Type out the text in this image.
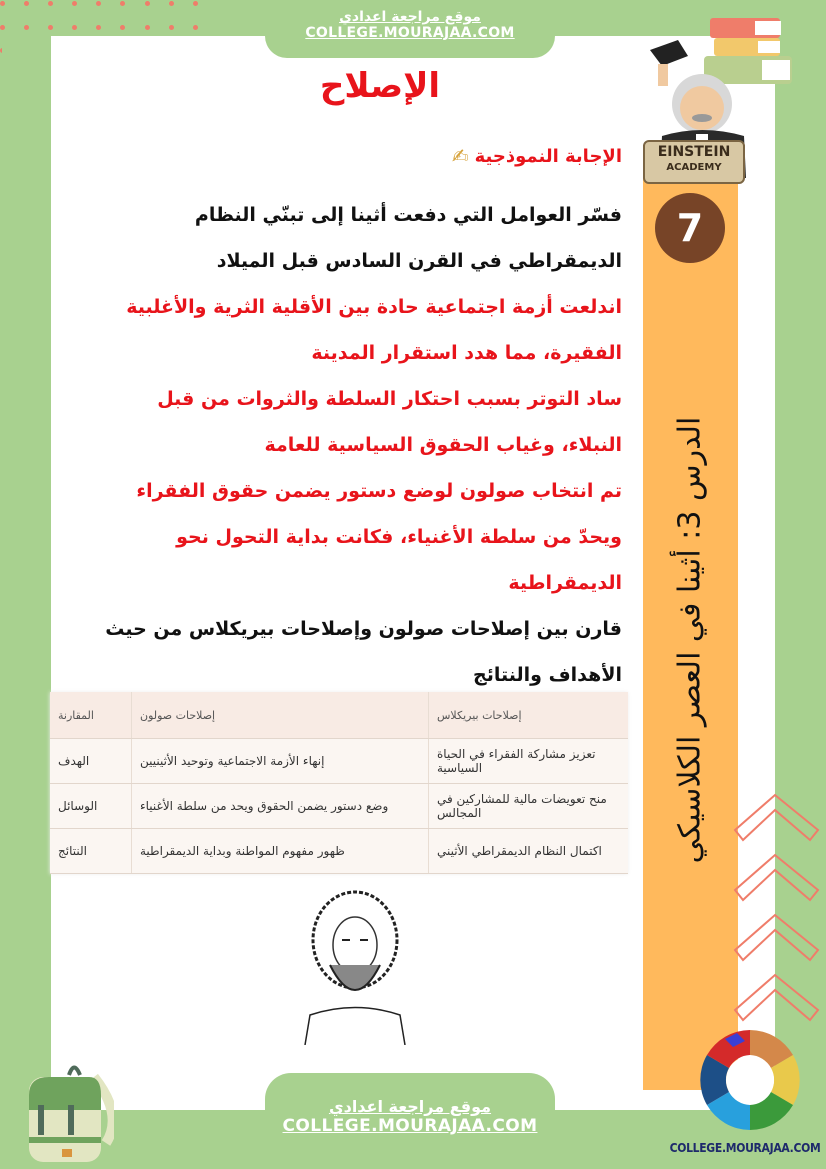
موقع مراجعة اعدادي
COLLEGE.MOURAJAA.COM
الإصلاح
الإجابة النموذجية
✍
فسّر العوامل التي دفعت أثينا إلى تبنّي النظام الديمقراطي في القرن السادس قبل الميلاد
اندلعت أزمة اجتماعية حادة بين الأقلية الثرية والأغلبية الفقيرة، مما هدد استقرار المدينة
ساد التوتر بسبب احتكار السلطة والثروات من قبل النبلاء، وغياب الحقوق السياسية للعامة
تم انتخاب صولون لوضع دستور يضمن حقوق الفقراء ويحدّ من سلطة الأغنياء، فكانت بداية التحول نحو الديمقراطية
قارن بين إصلاحات صولون وإصلاحات بيريكلاس من حيث الأهداف والنتائج
7
الدرس 3: أثينا في العصر الكلاسيكي
EINSTEIN
ACADEMY
المقارنة	إصلاحات صولون	إصلاحات بيريكلاس
الهدف	إنهاء الأزمة الاجتماعية وتوحيد الأثينيين	تعزيز مشاركة الفقراء في الحياة السياسية
الوسائل	وضع دستور يضمن الحقوق ويحد من سلطة الأغنياء	منح تعويضات مالية للمشاركين في المجالس
النتائج	ظهور مفهوم المواطنة وبداية الديمقراطية	اكتمال النظام الديمقراطي الأثيني
COLLEGE.MOURAJAA.COM
موقع مراجعة اعدادي
COLLEGE.MOURAJAA.COM
